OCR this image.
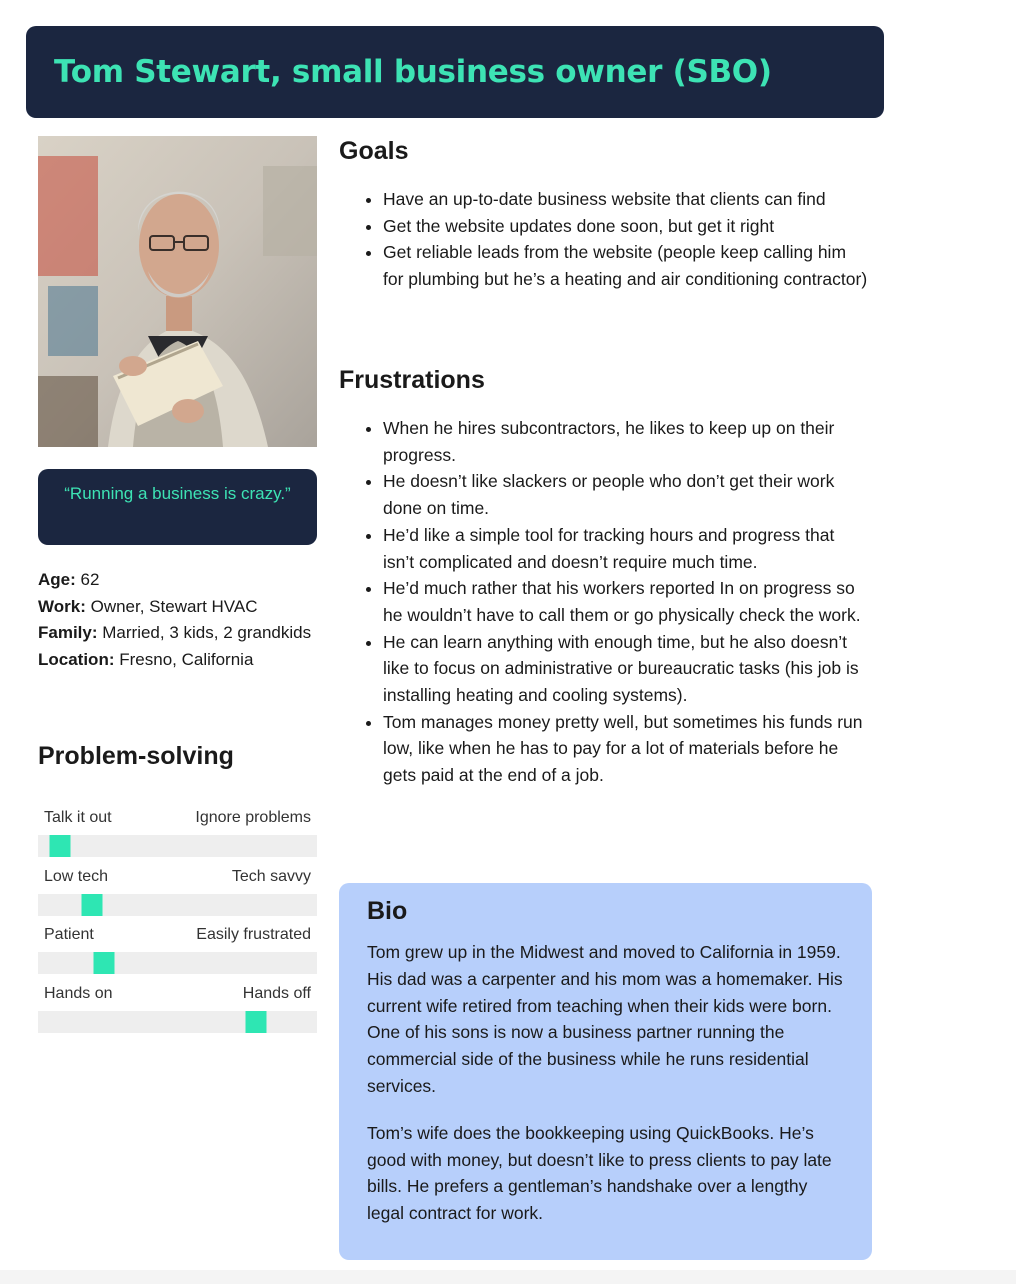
Tom Stewart, small business owner (SBO)
“Running a business is crazy.”
Age: 62
Work: Owner, Stewart HVAC
Family: Married, 3 kids, 2 grandkids
Location: Fresno, California
Problem-solving
Talk it out	Ignore problems
Low tech	Tech savvy
Patient	Easily frustrated
Hands on	Hands off
Goals
• Have an up-to-date business website that clients can find
• Get the website updates done soon, but get it right
• Get reliable leads from the website (people keep calling him for plumbing but he’s a heating and air conditioning contractor)
Frustrations
• When he hires subcontractors, he likes to keep up on their progress.
• He doesn’t like slackers or people who don’t get their work done on time.
• He’d like a simple tool for tracking hours and progress that isn’t complicated and doesn’t require much time.
• He’d much rather that his workers reported In on progress so he wouldn’t have to call them or go physically check the work.
• He can learn anything with enough time, but he also doesn’t like to focus on administrative or bureaucratic tasks (his job is installing heating and cooling systems).
• Tom manages money pretty well, but sometimes his funds run low, like when he has to pay for a lot of materials before he gets paid at the end of a job.
Bio

Tom grew up in the Midwest and moved to California in 1959. His dad was a carpenter and his mom was a homemaker. His current wife retired from teaching when their kids were born. One of his sons is now a business partner running the commercial side of the business while he runs residential services.

Tom’s wife does the bookkeeping using QuickBooks. He’s good with money, but doesn’t like to press clients to pay late bills. He prefers a gentleman’s handshake over a lengthy legal contract for work.
